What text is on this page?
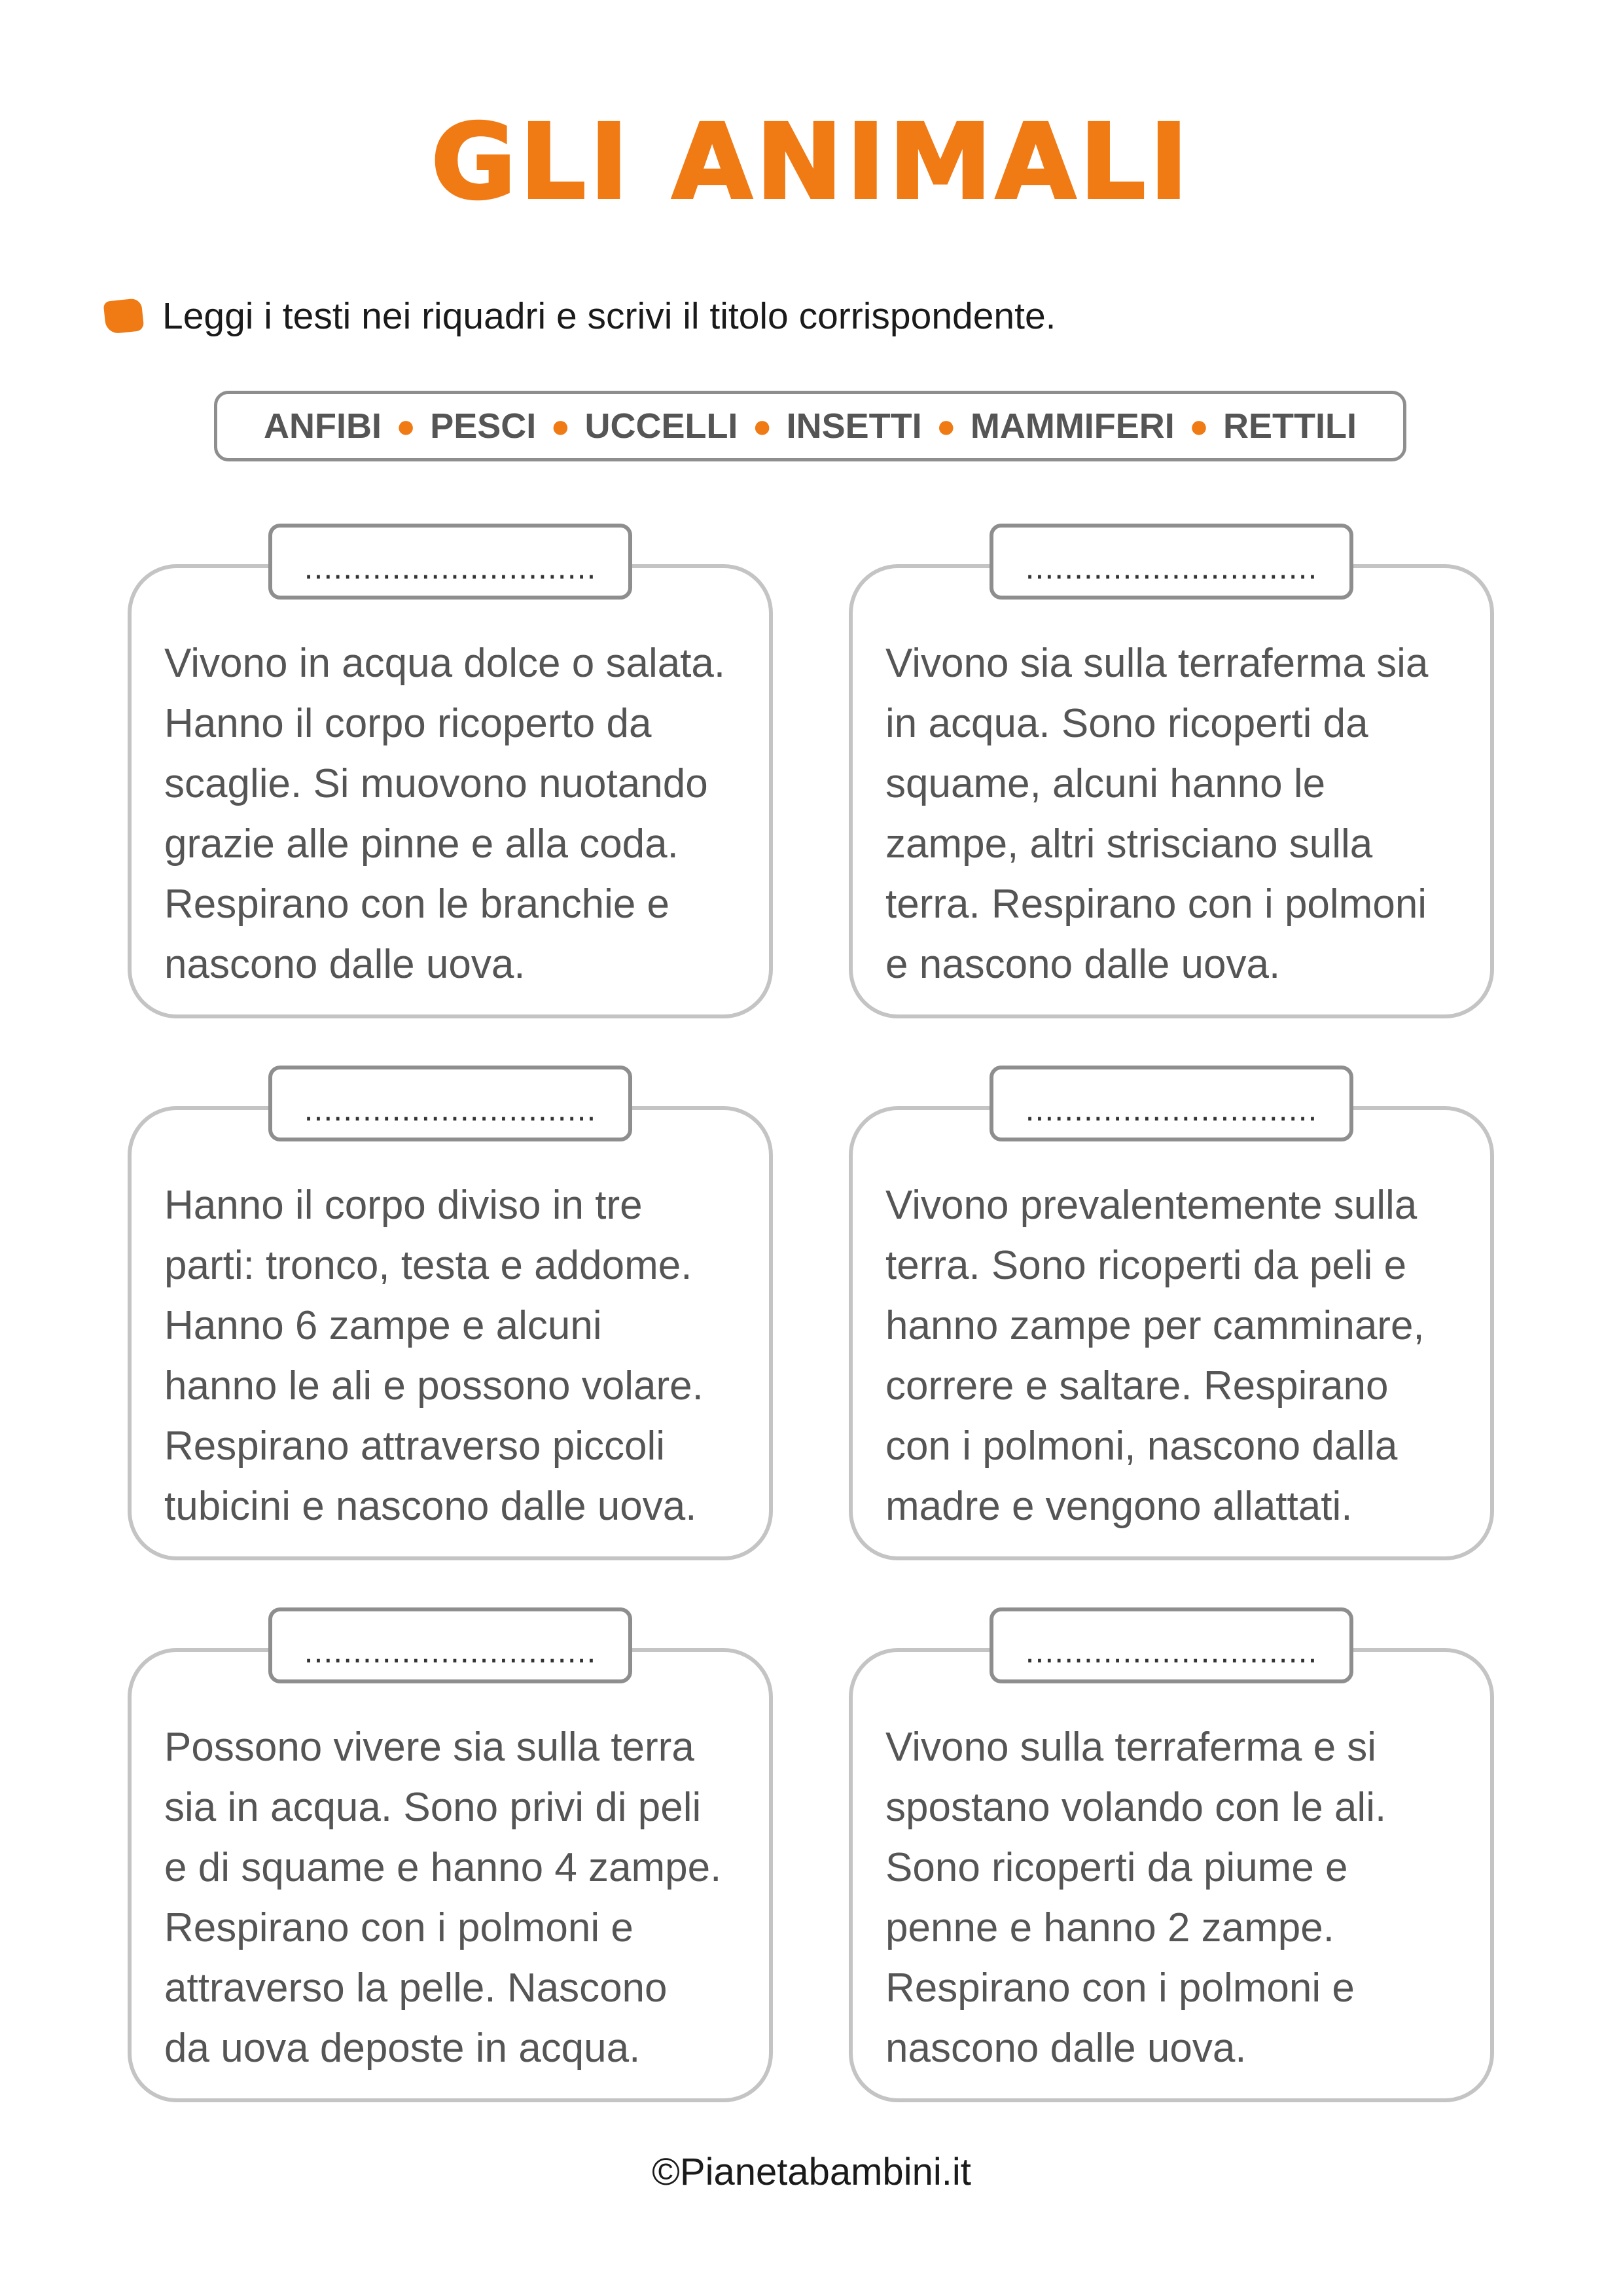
GLI ANIMALI
Leggi i testi nei riquadri e scrivi il titolo corrispondente.
ANFIBI ● PESCI ● UCCELLI ● INSETTI ● MAMMIFERI ● RETTILI

Vivono in acqua dolce o salata.
Hanno il corpo ricoperto da
scaglie. Si muovono nuotando
grazie alle pinne e alla coda.
Respirano con le branchie e
nascono dalle uova.

..............................

Vivono sia sulla terraferma sia
in acqua. Sono ricoperti da
squame, alcuni hanno le
zampe, altri strisciano sulla
terra. Respirano con i polmoni
e nascono dalle uova.

..............................

Hanno il corpo diviso in tre
parti: tronco, testa e addome.
Hanno 6 zampe e alcuni
hanno le ali e possono volare.
Respirano attraverso piccoli
tubicini e nascono dalle uova.

..............................

Vivono prevalentemente sulla
terra. Sono ricoperti da peli e
hanno zampe per camminare,
correre e saltare. Respirano
con i polmoni, nascono dalla
madre e vengono allattati.

..............................

Possono vivere sia sulla terra
sia in acqua. Sono privi di peli
e di squame e hanno 4 zampe.
Respirano con i polmoni e
attraverso la pelle. Nascono
da uova deposte in acqua.

..............................

Vivono sulla terraferma e si
spostano volando con le ali.
Sono ricoperti da piume e
penne e hanno 2 zampe.
Respirano con i polmoni e
nascono dalle uova.

..............................
©Pianetabambini.it
